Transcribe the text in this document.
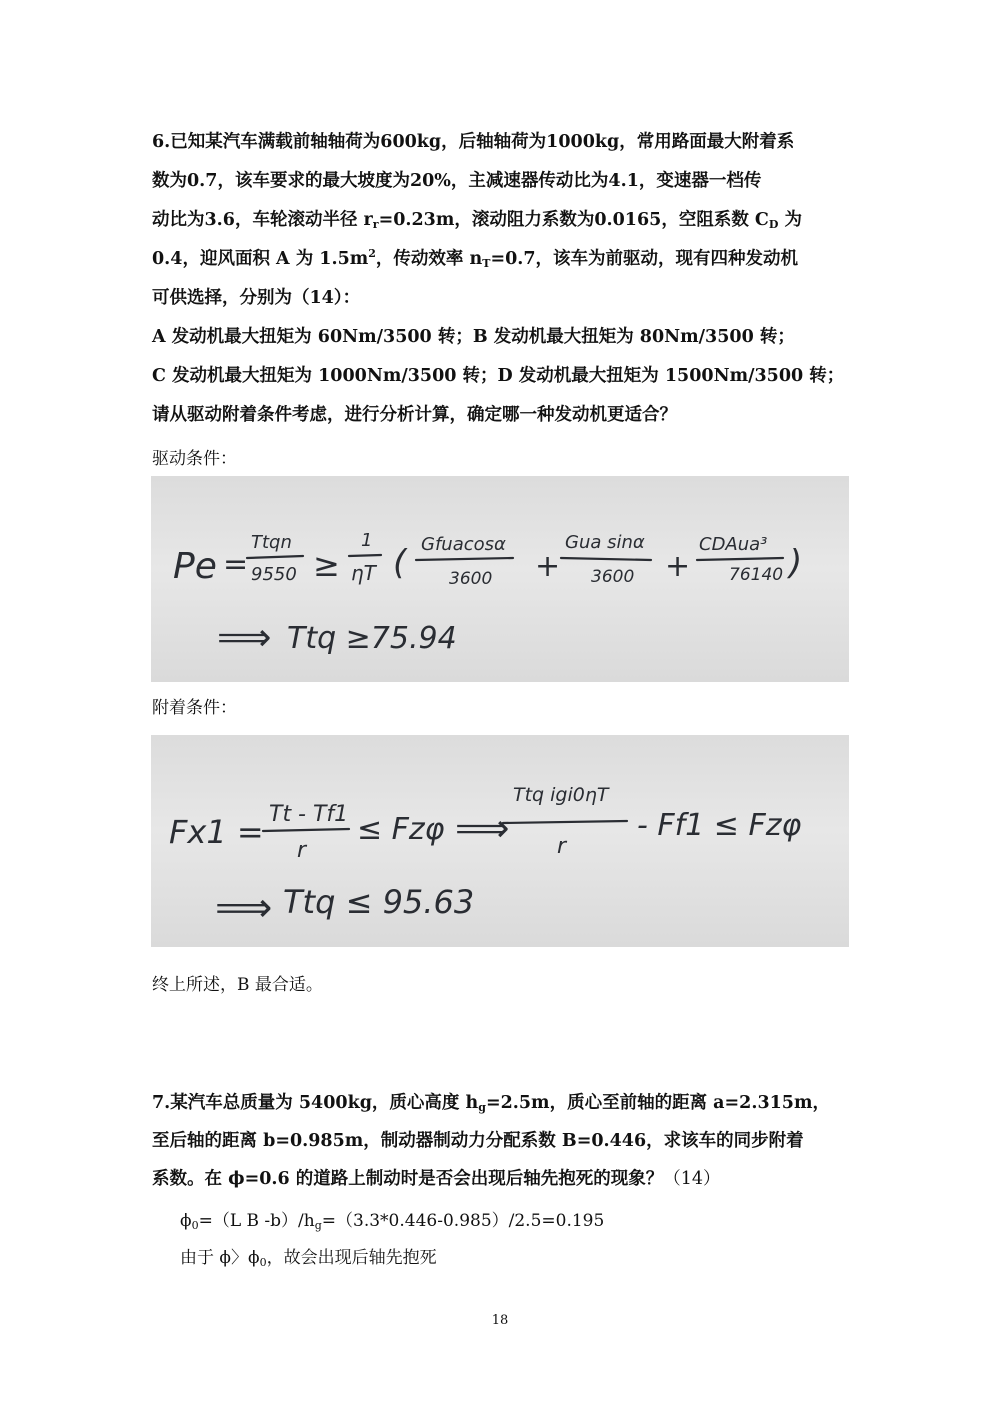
6.已知某汽车满载前轴轴荷为600kg，后轴轴荷为1000kg，常用路面最大附着系
数为0.7，该车要求的最大坡度为20%，主减速器传动比为4.1，变速器一档传
动比为3.6，车轮滚动半径 $r_r=0.23m$，滚动阻力系数为0.0165，空阻系数 $C_D$ 为
0.4，迎风面积 A 为 $1.5m^2$，传动效率 $n_T=0.7$，该车为前驱动，现有四种发动机
可供选择，分别为（14）：
A 发动机最大扭矩为 60Nm/3500 转；B 发动机最大扭矩为 80Nm/3500 转；
C 发动机最大扭矩为 1000Nm/3500 转；D 发动机最大扭矩为 1500Nm/3500 转；
请从驱动附着条件考虑，进行分析计算，确定哪一种发动机更适合？
驱动条件：
Pe =
Ttqn
9550 ≥
1
ηT ( Gfuacosα
3600 +
Gua sinα
3600 +
CDAua³
76140 )
⟹ Ttq ≥75.94
附着条件：
Fx1 = Tt - Tf1
r
≤ Fzφ ⟹
Ttq igi0ηT
r
- Ff1 ≤ Fzφ
⟹ Ttq ≤ 95.63
终上所述，B 最合适。
7.某汽车总质量为 5400kg，质心高度 $h_g=2.5m$，质心至前轴的距离 a=2.315m，
至后轴的距离 b=0.985m，制动器制动力分配系数 B=0.446，求该车的同步附着
系数。在 ϕ=0.6 的道路上制动时是否会出现后轴先抱死的现象？（14）
$\phi_0=(L$ B $-b)/h_g=(3.3*0.446-0.985)/2.5=0.195$
由于 ϕ〉$\phi_0$，故会出现后轴先抱死
18
